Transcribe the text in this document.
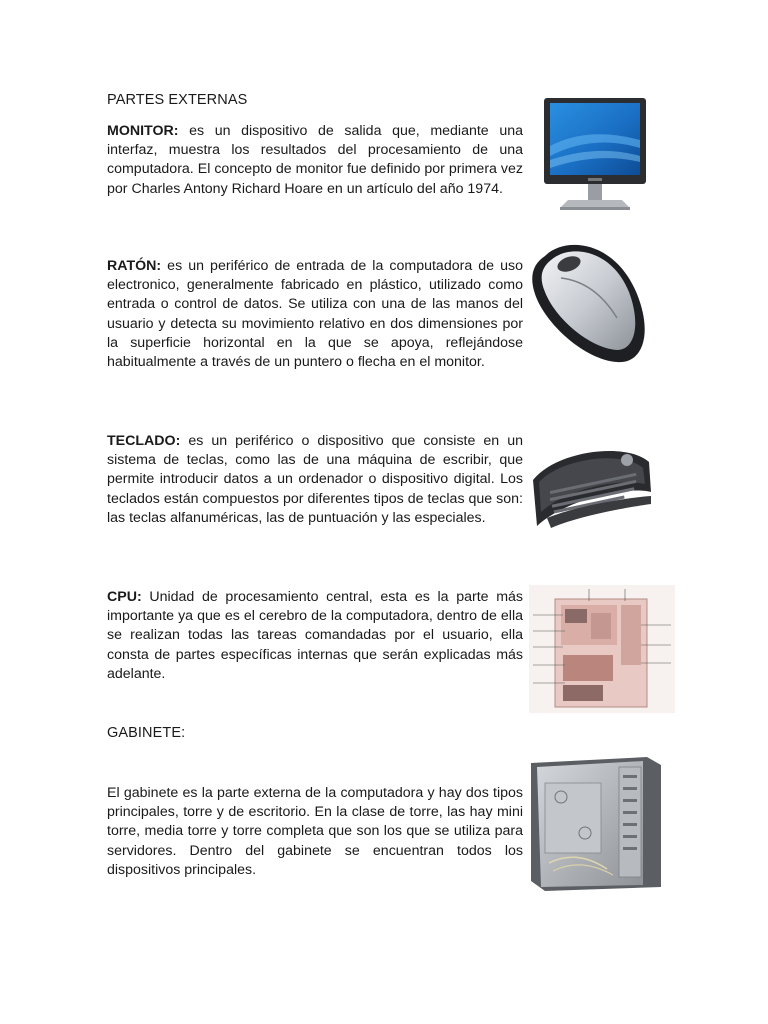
PARTES EXTERNAS
MONITOR: es un dispositivo de salida que, mediante una interfaz, muestra los resultados del procesamiento de una computadora. El concepto de monitor fue definido por primera vez por Charles Antony Richard Hoare en un artículo del año 1974.
RATÓN: es un periférico de entrada de la computadora de uso electronico, generalmente fabricado en plástico, utilizado como entrada o control de datos. Se utiliza con una de las manos del usuario y detecta su movimiento relativo en dos dimensiones por la superficie horizontal en la que se apoya, reflejándose habitualmente a través de un puntero o flecha en el monitor.
TECLADO: es un periférico o dispositivo que consiste en un sistema de teclas, como las de una máquina de escribir, que permite introducir datos a un ordenador o dispositivo digital. Los teclados están compuestos por diferentes tipos de teclas que son: las teclas alfanuméricas, las de puntuación y las especiales.
CPU: Unidad de procesamiento central, esta es la parte más importante ya que es el cerebro de la computadora, dentro de ella se realizan todas las tareas comandadas por el usuario, ella consta de partes específicas internas que serán explicadas más adelante.
GABINETE:
El gabinete es la parte externa de la computadora y hay dos tipos principales, torre y de escritorio. En la clase de torre, las hay mini torre, media torre y torre completa que son los que se utiliza para servidores. Dentro del gabinete se encuentran todos los dispositivos principales.
